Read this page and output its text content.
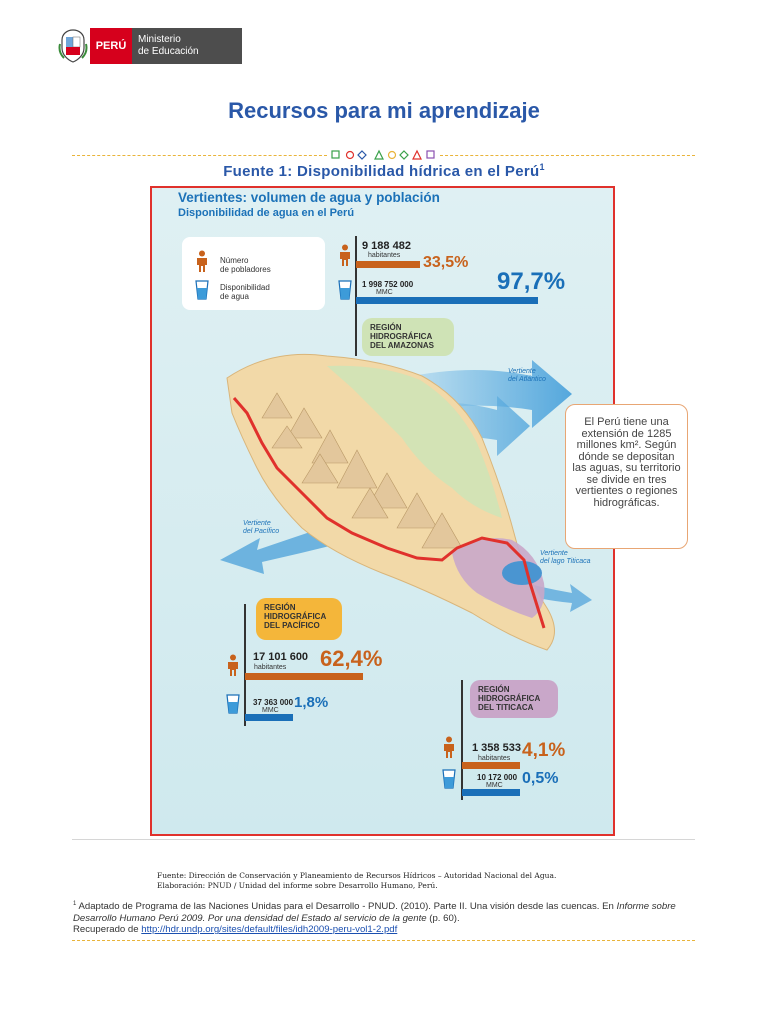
PERÚ
Ministerio
de Educación
Recursos para mi aprendizaje
Fuente 1: Disponibilidad hídrica en el Perú$^1$
Vertientes: volumen de agua y población
Disponibilidad de agua en el Perú
Número
de pobladores
Disponibilidad
de agua
9 188 482
habitantes 33,5%
1 998 752 000
MMC	97,7%
REGIÓN
HIDROGRÁFICA
DEL AMAZONAS
Vertiente
del Atlántico
Vertiente
del Pacífico
Vertiente
del lago Titicaca
REGIÓN
HIDROGRÁFICA
DEL PACÍFICO
17 101 600
habitantes 62,4%
37 363 000
MMC 1,8%
REGIÓN
HIDROGRÁFICA
DEL TITICACA
1 358 533
habitantes 4,1%
10 172 000
MMC 0,5%
El Perú tiene una extensión de 1285 millones km². Según dónde se depositan las aguas, su territorio se divide en tres vertientes o regiones hidrográficas.
Fuente: Dirección de Conservación y Planeamiento de Recursos Hídricos – Autoridad Nacional del Agua. Elaboración: PNUD / Unidad del informe sobre Desarrollo Humano, Perú.
$^1$ Adaptado de Programa de las Naciones Unidas para el Desarrollo - PNUD. (2010). Parte II. Una visión desde las cuencas. En Informe sobre Desarrollo Humano Perú 2009. Por una densidad del Estado al servicio de la gente (p. 60).
Recuperado de http://hdr.undp.org/sites/default/files/idh2009-peru-vol1-2.pdf
